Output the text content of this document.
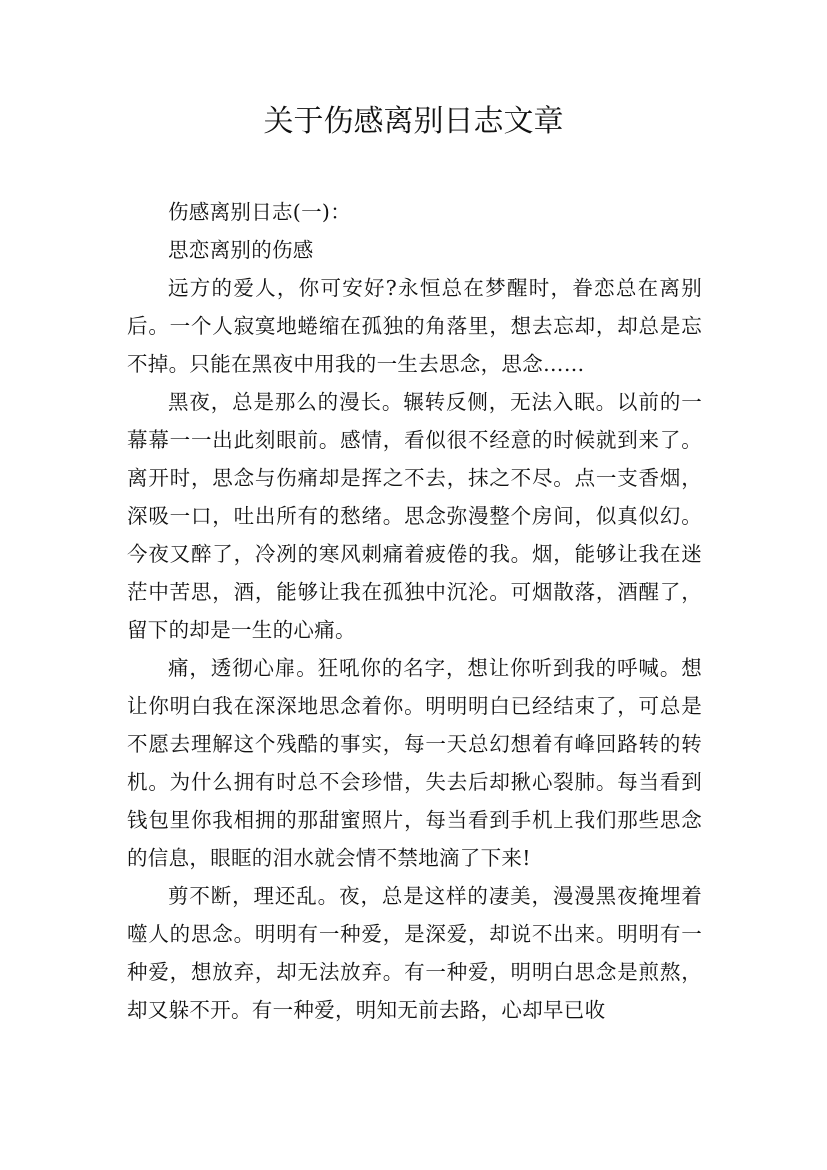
关于伤感离别日志文章

伤感离别日志(一)：

思恋离别的伤感

远方的爱人，你可安好?永恒总在梦醒时，眷恋总在离别后。一个人寂寞地蜷缩在孤独的角落里，想去忘却，却总是忘不掉。只能在黑夜中用我的一生去思念，思念……

黑夜，总是那么的漫长。辗转反侧，无法入眠。以前的一幕幕一一出此刻眼前。感情，看似很不经意的时候就到来了。离开时，思念与伤痛却是挥之不去，抹之不尽。点一支香烟，深吸一口，吐出所有的愁绪。思念弥漫整个房间，似真似幻。今夜又醉了，冷冽的寒风刺痛着疲倦的我。烟，能够让我在迷茫中苦思，酒，能够让我在孤独中沉沦。可烟散落，酒醒了，留下的却是一生的心痛。

痛，透彻心扉。狂吼你的名字，想让你听到我的呼喊。想让你明白我在深深地思念着你。明明明白已经结束了，可总是不愿去理解这个残酷的事实，每一天总幻想着有峰回路转的转机。为什么拥有时总不会珍惜，失去后却揪心裂肺。每当看到钱包里你我相拥的那甜蜜照片，每当看到手机上我们那些思念的信息，眼眶的泪水就会情不禁地滴了下来!

剪不断，理还乱。夜，总是这样的凄美，漫漫黑夜掩埋着噬人的思念。明明有一种爱，是深爱，却说不出来。明明有一种爱，想放弃，却无法放弃。有一种爱，明明白思念是煎熬，却又躲不开。有一种爱，明知无前去路，心却早已收
